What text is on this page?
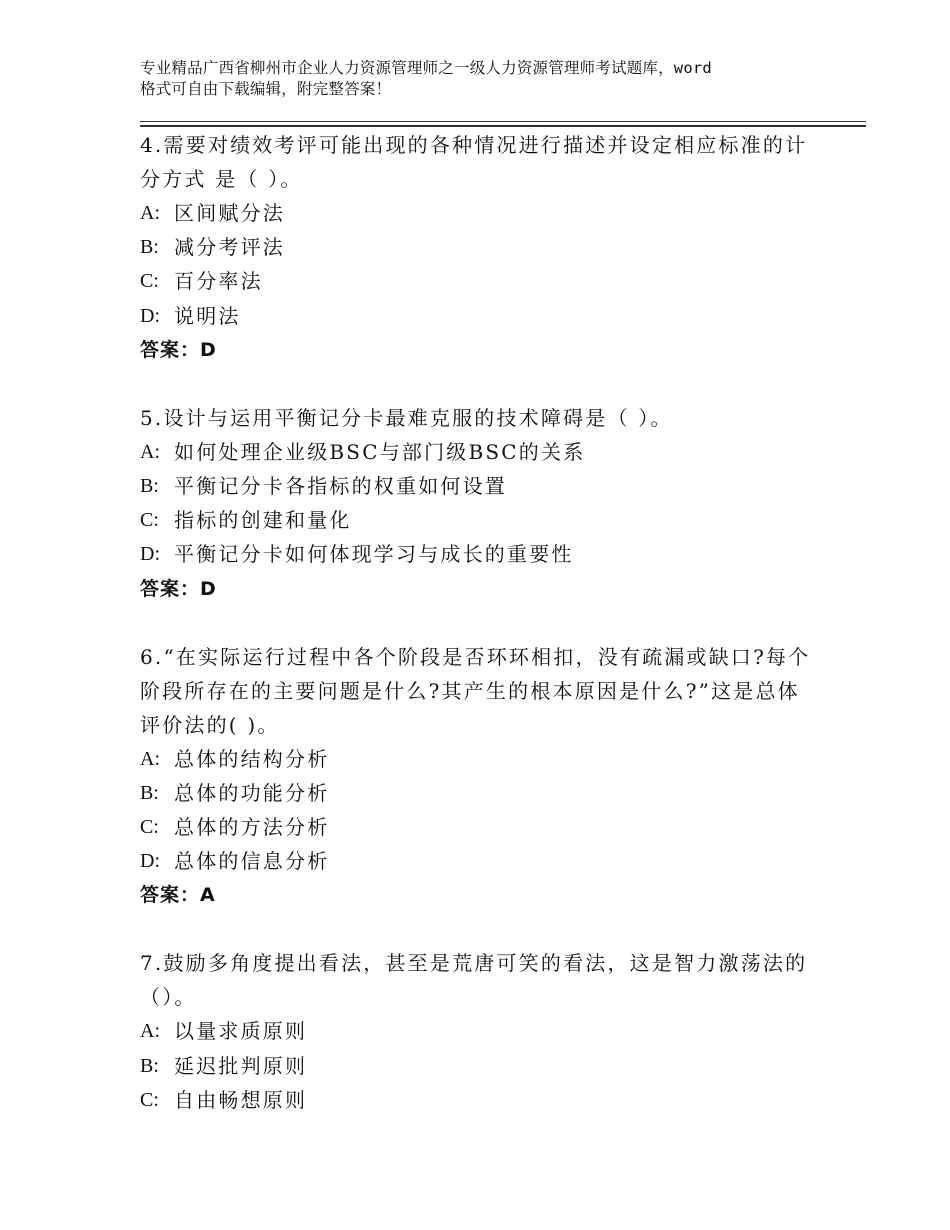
专业精品广西省柳州市企业人力资源管理师之一级人力资源管理师考试题库，word
格式可自由下载编辑，附完整答案！

4.需要对绩效考评可能出现的各种情况进行描述并设定相应标准的计

分方式 是（ ）。

A: 区间赋分法

B: 减分考评法

C: 百分率法

D: 说明法

答案：D

5.设计与运用平衡记分卡最难克服的技术障碍是（ ）。

A: 如何处理企业级BSC与部门级BSC的关系

B: 平衡记分卡各指标的权重如何设置

C: 指标的创建和量化

D: 平衡记分卡如何体现学习与成长的重要性

答案：D

6.“在实际运行过程中各个阶段是否环环相扣，没有疏漏或缺口?每个

阶段所存在的主要问题是什么?其产生的根本原因是什么?”这是总体

评价法的( )。

A: 总体的结构分析

B: 总体的功能分析

C: 总体的方法分析

D: 总体的信息分析

答案：A

7.鼓励多角度提出看法，甚至是荒唐可笑的看法，这是智力激荡法的

（）。

A: 以量求质原则

B: 延迟批判原则

C: 自由畅想原则
